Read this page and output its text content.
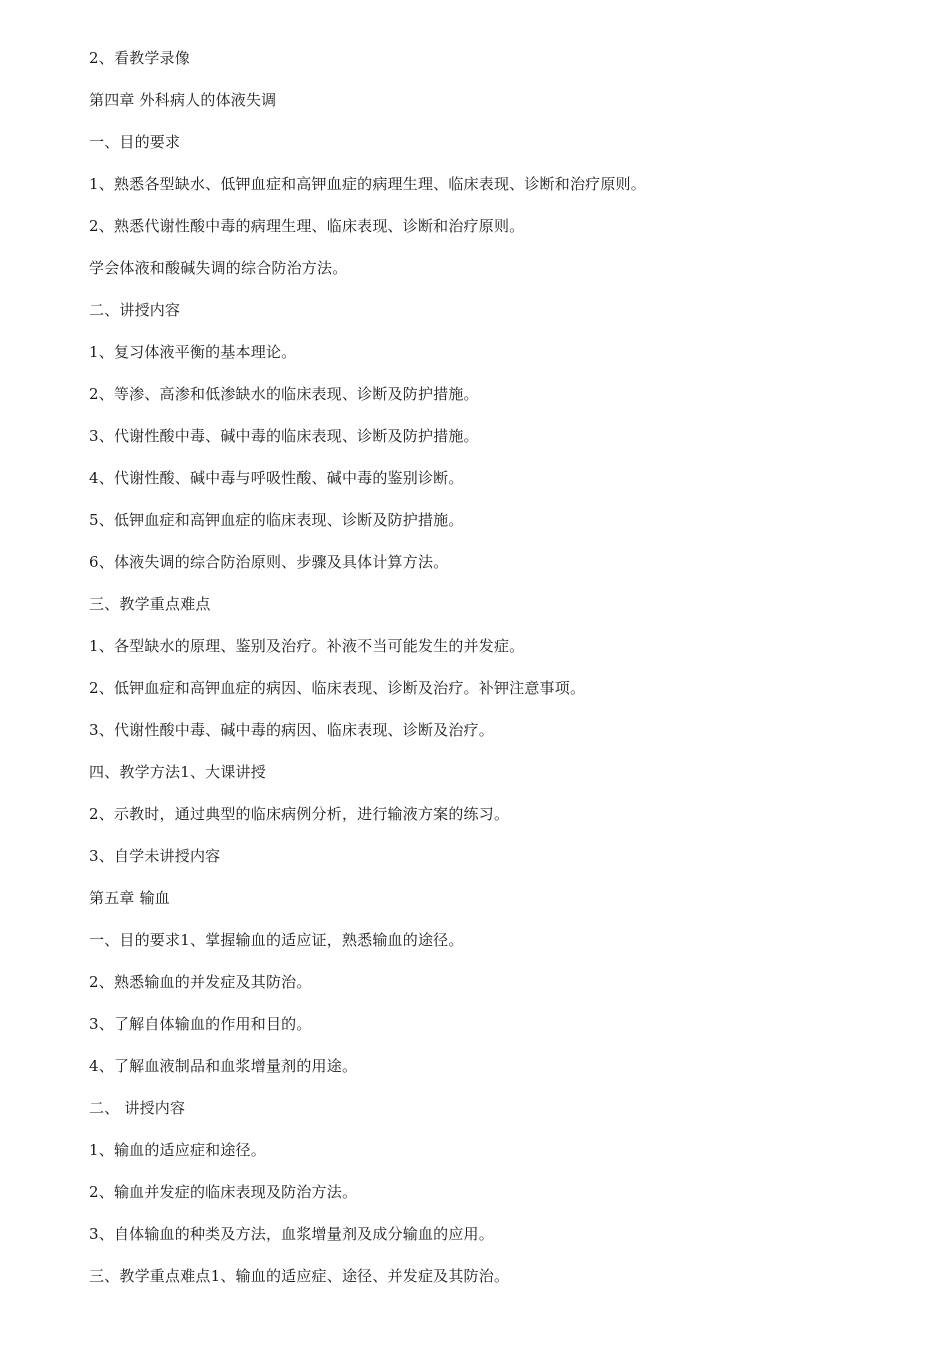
2、看教学录像
第四章 外科病人的体液失调
一、目的要求
1、熟悉各型缺水、低钾血症和高钾血症的病理生理、临床表现、诊断和治疗原则。
2、熟悉代谢性酸中毒的病理生理、临床表现、诊断和治疗原则。
学会体液和酸碱失调的综合防治方法。
二、讲授内容
1、复习体液平衡的基本理论。
2、等渗、高渗和低渗缺水的临床表现、诊断及防护措施。
3、代谢性酸中毒、碱中毒的临床表现、诊断及防护措施。
4、代谢性酸、碱中毒与呼吸性酸、碱中毒的鉴别诊断。
5、低钾血症和高钾血症的临床表现、诊断及防护措施。
6、体液失调的综合防治原则、步骤及具体计算方法。
三、教学重点难点
1、各型缺水的原理、鉴别及治疗。补液不当可能发生的并发症。
2、低钾血症和高钾血症的病因、临床表现、诊断及治疗。补钾注意事项。
3、代谢性酸中毒、碱中毒的病因、临床表现、诊断及治疗。
四、教学方法1、大课讲授
2、示教时，通过典型的临床病例分析，进行输液方案的练习。
3、自学未讲授内容
第五章 输血
一、目的要求1、掌握输血的适应证，熟悉输血的途径。
2、熟悉输血的并发症及其防治。
3、了解自体输血的作用和目的。
4、了解血液制品和血浆增量剂的用途。
二、 讲授内容
1、输血的适应症和途径。
2、输血并发症的临床表现及防治方法。
3、自体输血的种类及方法，血浆增量剂及成分输血的应用。
三、教学重点难点1、输血的适应症、途径、并发症及其防治。
